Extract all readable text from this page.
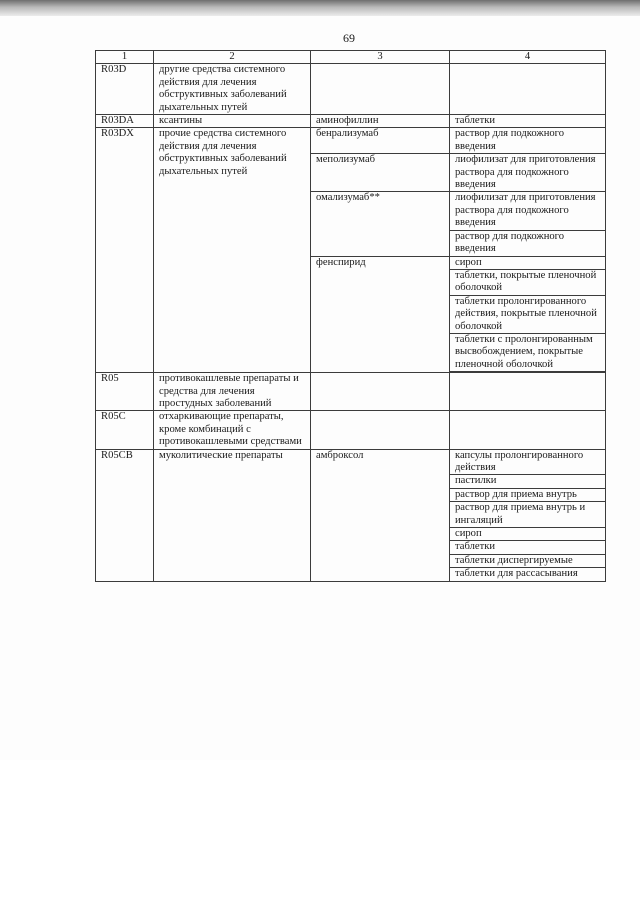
69
1	2	3	4
R03D	другие средства системного действия для лечения обструктивных заболеваний дыхательных путей		
R03DA	ксантины	аминофиллин	таблетки
R03DX	прочие средства системного действия для лечения обструктивных заболеваний дыхательных путей	бенрализумаб	раствор для подкожного введения
		меполизумаб	лиофилизат для приготовления раствора для подкожного введения
		омализумаб**	лиофилизат для приготовления раствора для подкожного введения
			раствор для подкожного введения
		фенспирид	сироп
			таблетки, покрытые пленочной оболочкой
			таблетки пролонгированного действия, покрытые пленочной оболочкой
			таблетки с пролонгированным высвобождением, покрытые пленочной оболочкой

R05	противокашлевые препараты и средства для лечения простудных заболеваний		
R05C	отхаркивающие препараты, кроме комбинаций с противокашлевыми средствами		
R05CB	муколитические препараты	амброксол	капсулы пролонгированного действия
			пастилки
			раствор для приема внутрь
			раствор для приема внутрь и ингаляций
			сироп
			таблетки
			таблетки диспергируемые
			таблетки для рассасывания
